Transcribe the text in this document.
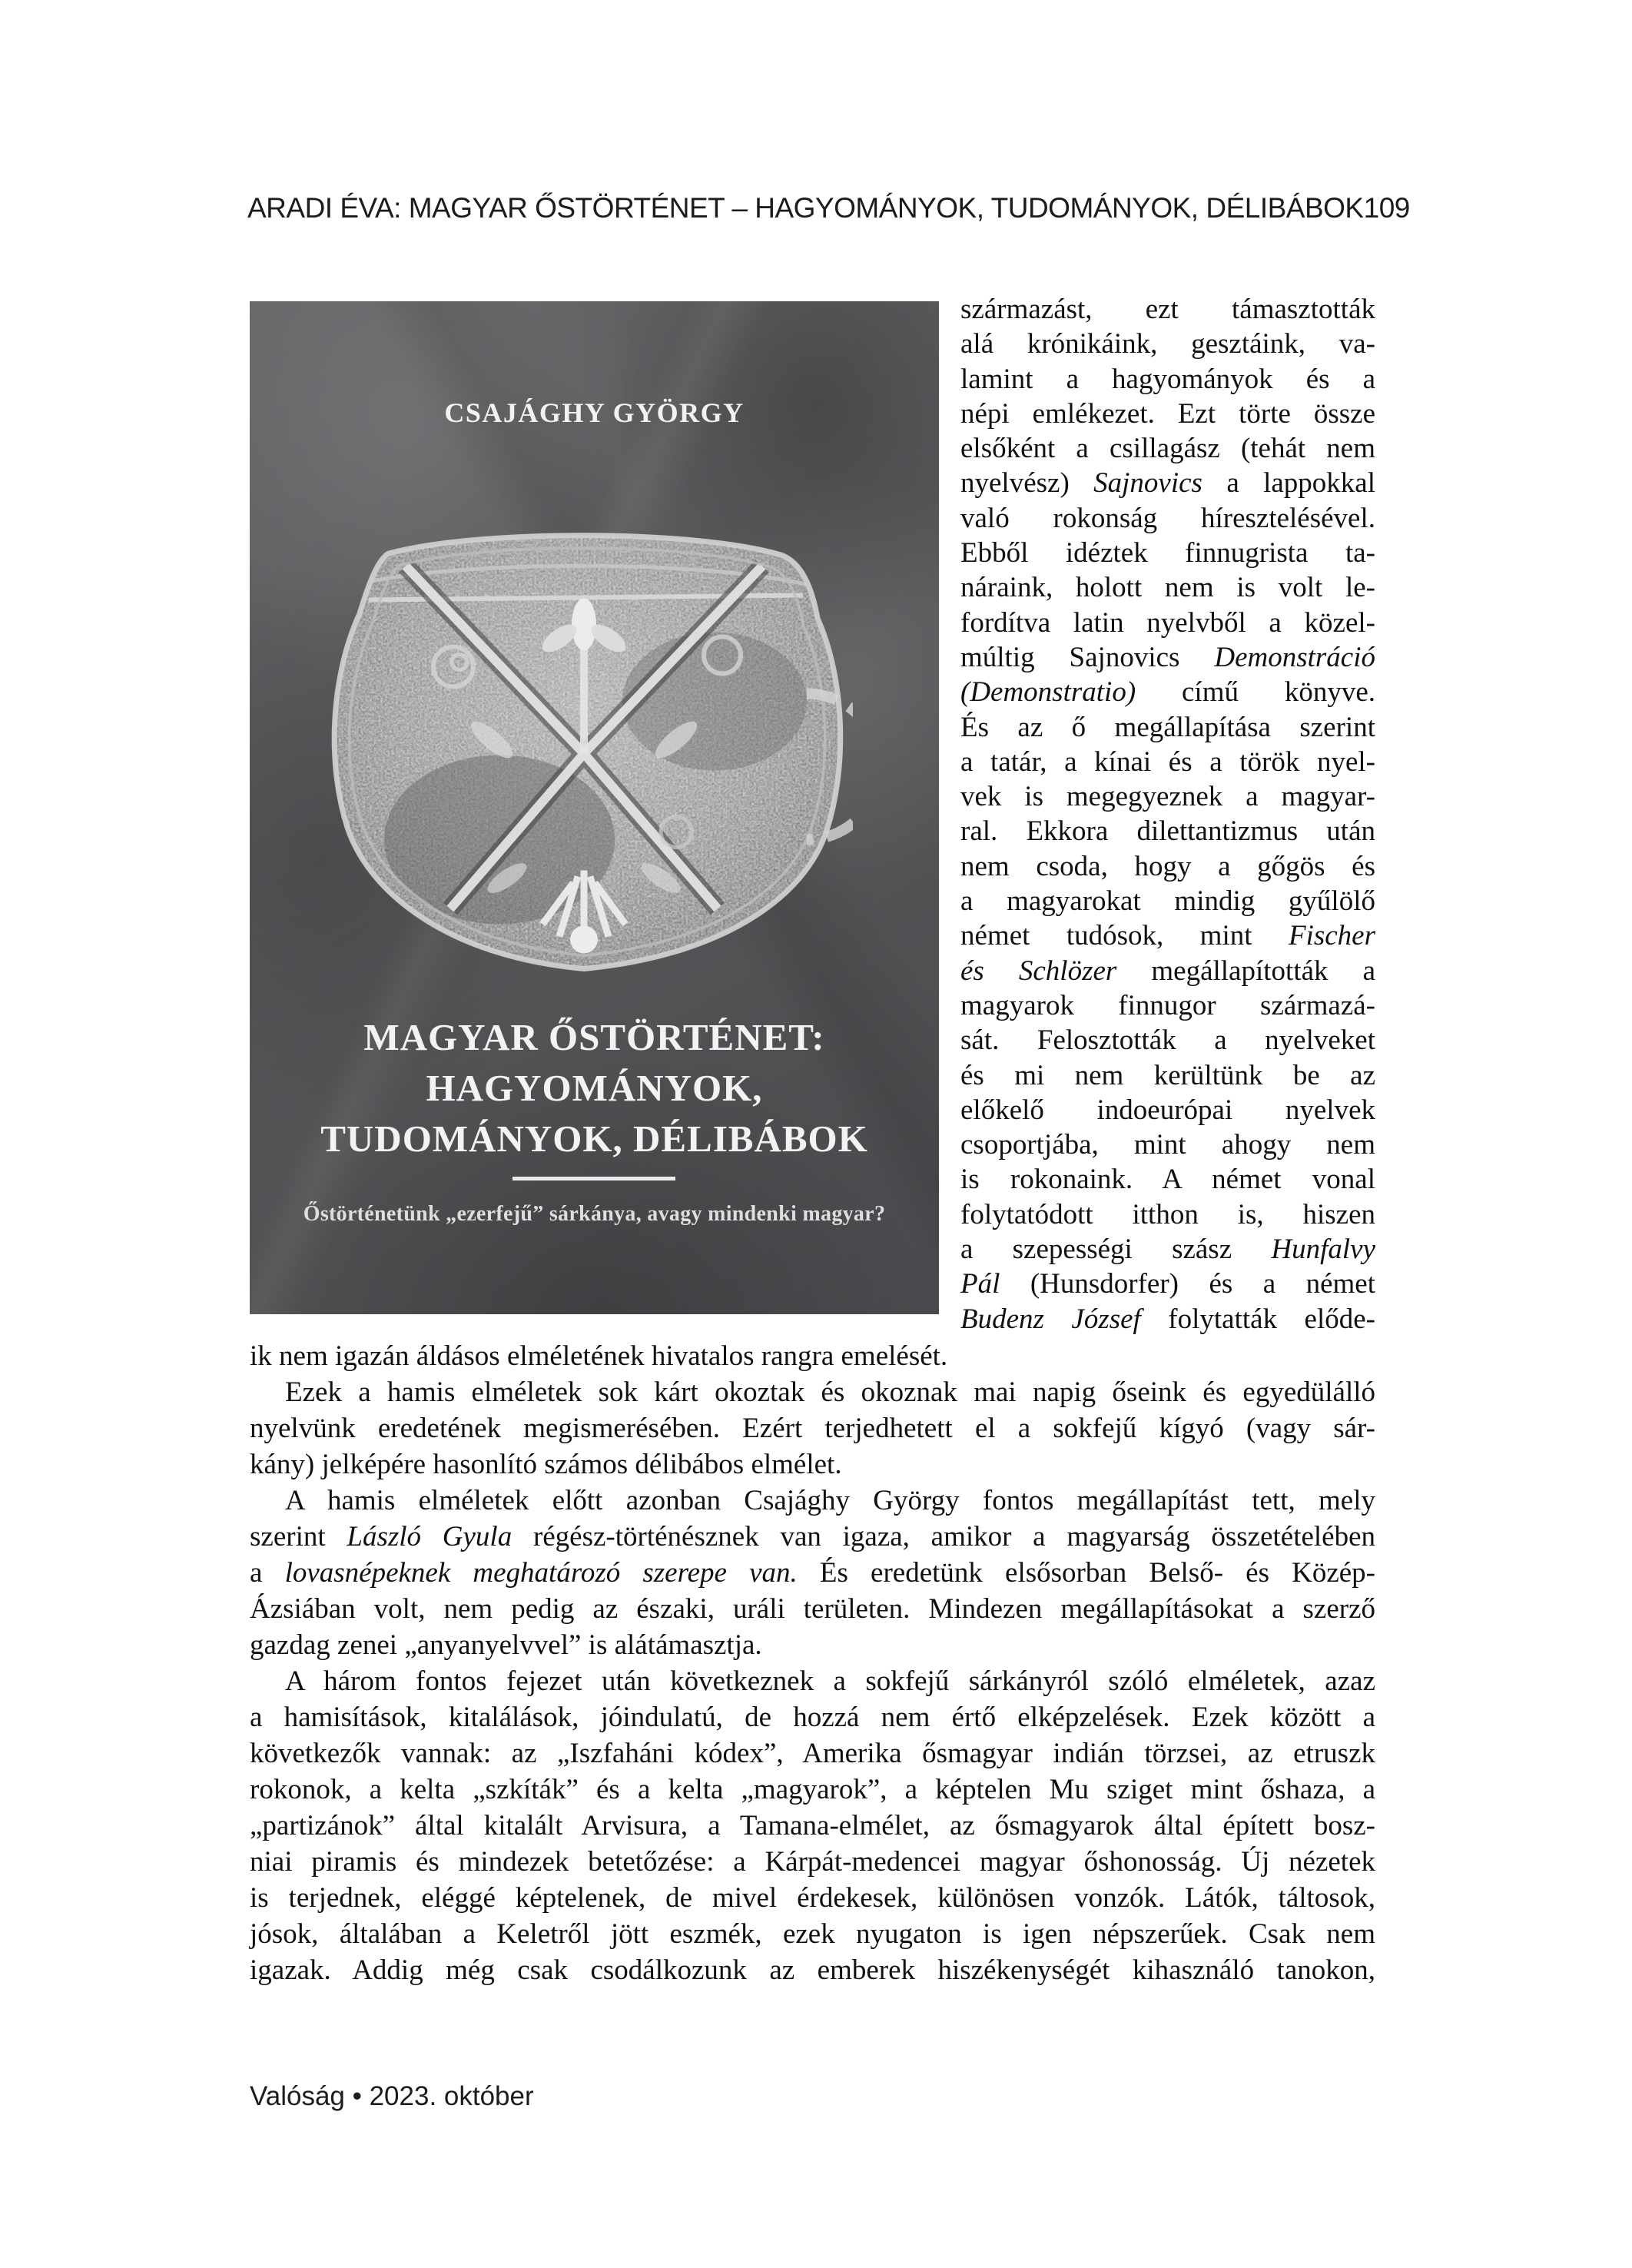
ARADI ÉVA: MAGYAR ŐSTÖRTÉNET – HAGYOMÁNYOK, TUDOMÁNYOK, DÉLIBÁBOK 109
CSAJÁGHY GYÖRGY
MAGYAR ŐSTÖRTÉNET:
HAGYOMÁNYOK,
TUDOMÁNYOK, DÉLIBÁBOK
Őstörténetünk „ezerfejű” sárkánya, avagy mindenki magyar?
származást, ezt támasztották
alá krónikáink, gesztáink, va-
lamint a hagyományok és a
népi emlékezet. Ezt törte össze
elsőként a csillagász (tehát nem
nyelvész) Sajnovics a lappokkal
való rokonság híresztelésével.
Ebből idéztek finnugrista ta-
náraink, holott nem is volt le-
fordítva latin nyelvből a közel-
múltig Sajnovics Demonstráció
(Demonstratio) című könyve.
És az ő megállapítása szerint
a tatár, a kínai és a török nyel-
vek is megegyeznek a magyar-
ral. Ekkora dilettantizmus után
nem csoda, hogy a gőgös és
a magyarokat mindig gyűlölő
német tudósok, mint Fischer
és Schlözer megállapították a
magyarok finnugor származá-
sát. Felosztották a nyelveket
és mi nem kerültünk be az
előkelő indoeurópai nyelvek
csoportjába, mint ahogy nem
is rokonaink. A német vonal
folytatódott itthon is, hiszen
a szepességi szász Hunfalvy
Pál (Hunsdorfer) és a német
Budenz József folytatták előde-
ik nem igazán áldásos elméletének hivatalos rangra emelését.
Ezek a hamis elméletek sok kárt okoztak és okoznak mai napig őseink és egyedülálló
nyelvünk eredetének megismerésében. Ezért terjedhetett el a sokfejű kígyó (vagy sár-
kány) jelképére hasonlító számos délibábos elmélet.
A hamis elméletek előtt azonban Csajághy György fontos megállapítást tett, mely
szerint László Gyula régész-történésznek van igaza, amikor a magyarság összetételében
a lovasnépeknek meghatározó szerepe van. És eredetünk elsősorban Belső- és Közép-
Ázsiában volt, nem pedig az északi, uráli területen. Mindezen megállapításokat a szerző
gazdag zenei „anyanyelvvel” is alátámasztja.
A három fontos fejezet után következnek a sokfejű sárkányról szóló elméletek, azaz
a hamisítások, kitalálások, jóindulatú, de hozzá nem értő elképzelések. Ezek között a
következők vannak: az „Iszfaháni kódex”, Amerika ősmagyar indián törzsei, az etruszk
rokonok, a kelta „szkíták” és a kelta „magyarok”, a képtelen Mu sziget mint őshaza, a
„partizánok” által kitalált Arvisura, a Tamana-elmélet, az ősmagyarok által épített bosz-
niai piramis és mindezek betetőzése: a Kárpát-medencei magyar őshonosság. Új nézetek
is terjednek, eléggé képtelenek, de mivel érdekesek, különösen vonzók. Látók, táltosok,
jósok, általában a Keletről jött eszmék, ezek nyugaton is igen népszerűek. Csak nem
igazak. Addig még csak csodálkozunk az emberek hiszékenységét kihasználó tanokon,
Valóság • 2023. október
